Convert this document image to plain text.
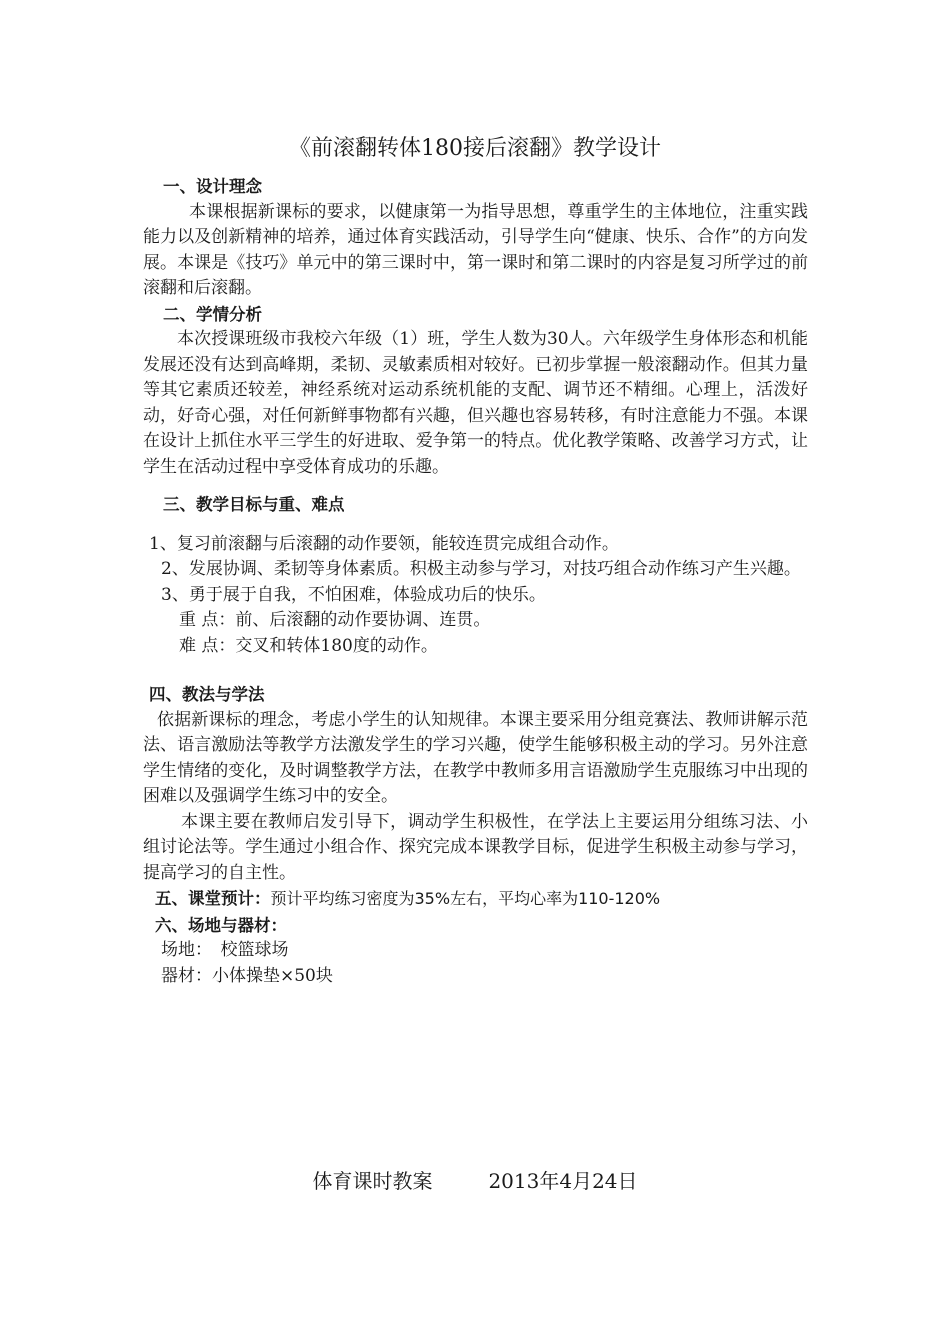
《前滚翻转体180接后滚翻》教学设计
一、设计理念

本课根据新课标的要求，以健康第一为指导思想，尊重学生的主体地位，注重实践能力以及创新精神的培养，通过体育实践活动，引导学生向“健康、快乐、合作”的方向发展。本课是《技巧》单元中的第三课时中，第一课时和第二课时的内容是复习所学过的前滚翻和后滚翻。

二、学情分析

本次授课班级市我校六年级（1）班，学生人数为30人。六年级学生身体形态和机能发展还没有达到高峰期，柔韧、灵敏素质相对较好。已初步掌握一般滚翻动作。但其力量等其它素质还较差，神经系统对运动系统机能的支配、调节还不精细。心理上，活泼好动，好奇心强，对任何新鲜事物都有兴趣，但兴趣也容易转移，有时注意能力不强。本课在设计上抓住水平三学生的好进取、爱争第一的特点。优化教学策略、改善学习方式，让学生在活动过程中享受体育成功的乐趣。

三、教学目标与重、难点

1、复习前滚翻与后滚翻的动作要领，能较连贯完成组合动作。

2、发展协调、柔韧等身体素质。积极主动参与学习，对技巧组合动作练习产生兴趣。

3、勇于展于自我，不怕困难，体验成功后的快乐。

重 点：前、后滚翻的动作要协调、连贯。

难 点：交叉和转体180度的动作。

四、教法与学法

依据新课标的理念，考虑小学生的认知规律。本课主要采用分组竞赛法、教师讲解示范法、语言激励法等教学方法激发学生的学习兴趣，使学生能够积极主动的学习。另外注意学生情绪的变化，及时调整教学方法，在教学中教师多用言语激励学生克服练习中出现的困难以及强调学生练习中的安全。

本课主要在教师启发引导下，调动学生积极性，在学法上主要运用分组练习法、小组讨论法等。学生通过小组合作、探究完成本课教学目标，促进学生积极主动参与学习，提高学习的自主性。

五、课堂预计：预计平均练习密度为35%左右，平均心率为110-120%
六、场地与器材：

场地：　校篮球场

器材：小体操垫×50块

体育课时教案	2013年4月24日
